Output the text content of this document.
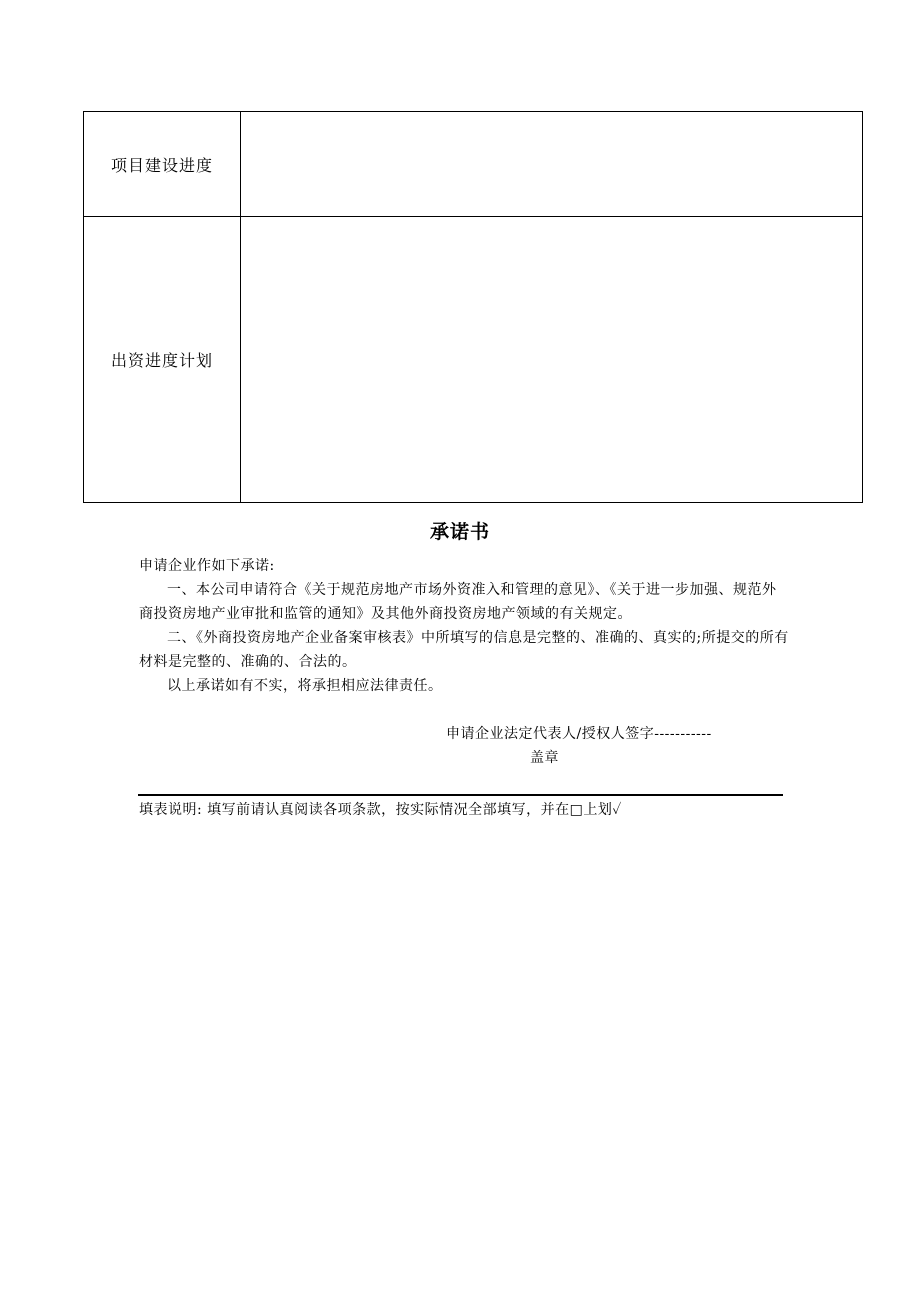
项目建设进度	
出资进度计划	
承诺书

申请企业作如下承诺:

一、本公司申请符合《关于规范房地产市场外资准入和管理的意见》、《关于进一步加强、规范外商投资房地产业审批和监管的通知》及其他外商投资房地产领域的有关规定。

二、《外商投资房地产企业备案审核表》中所填写的信息是完整的、准确的、真实的;所提交的所有材料是完整的、准确的、合法的。

以上承诺如有不实，将承担相应法律责任。

申请企业法定代表人/授权人签字-----------
盖章
填表说明: 填写前请认真阅读各项条款，按实际情况全部填写，并在□上划✓
